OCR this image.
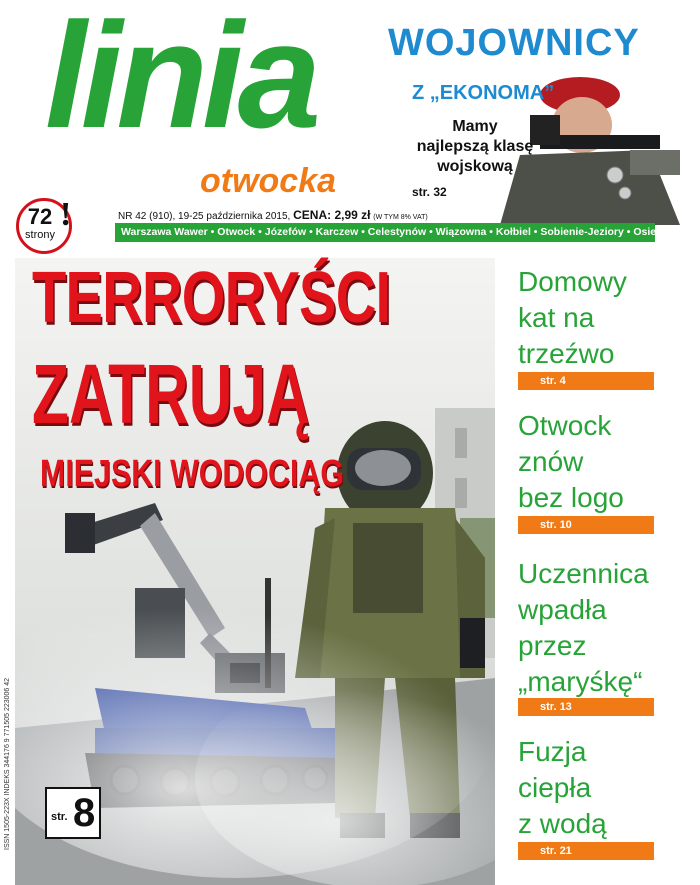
linia
otwocka
WOJOWNICY
Z „EKONOMA”
Mamy
najlepszą klasę
wojskową
str. 32
72
strony
!	NR 42 (910), 19-25 października 2015, CENA: 2,99 zł (W TYM 8% VAT)
Warszawa Wawer • Otwock • Józefów • Karczew • Celestynów • Wiązowna • Kołbiel • Sobienie-Jeziory • Osieck
TERRORYŚCI
ZATRUJĄ
MIEJSKI WODOCIĄG
ISSN 1505-223X INDEKS 344176 9 771505 223006 42
str. 8
Domowy
kat na
trzeźwo
str. 4
Otwock
znów
bez logo
str. 10
Uczennica
wpadła
przez
„maryśkę“
str. 13
Fuzja
ciepła
z wodą
str. 21
